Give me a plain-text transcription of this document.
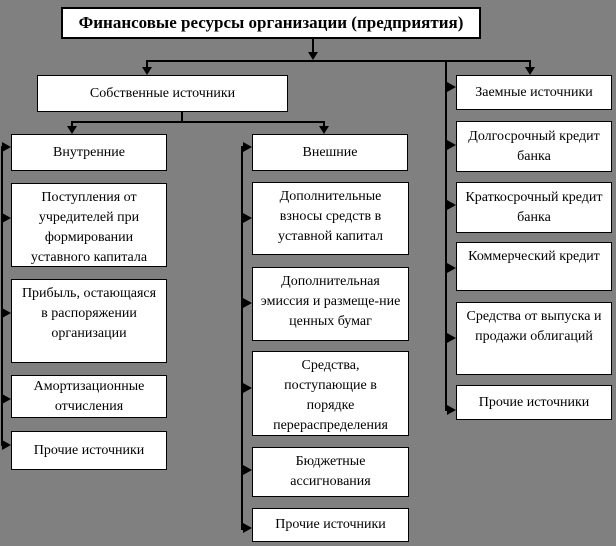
Финансовые ресурсы организации (предприятия)
Собственные источники
Внутренние
Поступления от учредителей при формировании уставного капитала
Прибыль, остающаяся в распоряжении организации
Амортизационные отчисления
Прочие источники
Внешние
Дополнительные взносы средств в уставной капитал
Дополнительная эмиссия и размеще-ние ценных бумаг
Средства, поступающие в порядке перераспределения
Бюджетные ассигнования
Прочие источники
Заемные источники
Долгосрочный кредит банка
Краткосрочный кредит банка
Коммерческий кредит
Средства от выпуска и продажи облигаций
Прочие источники
